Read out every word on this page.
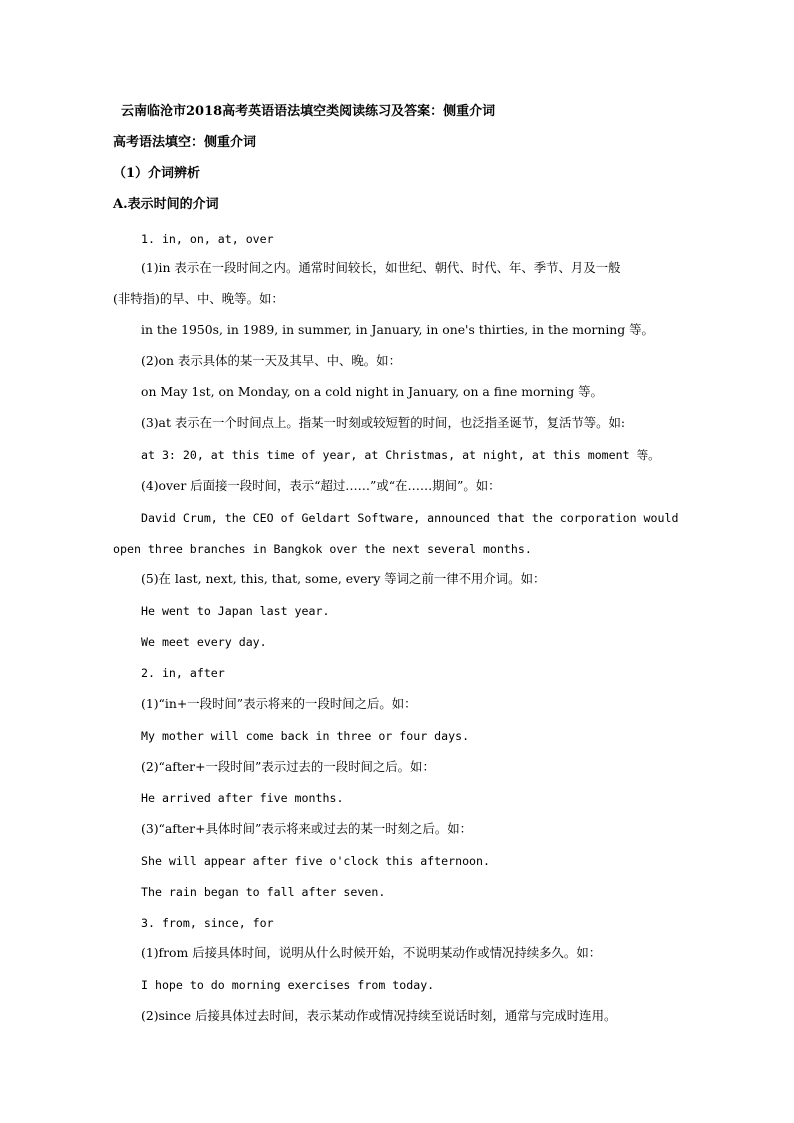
云南临沧市2018高考英语语法填空类阅读练习及答案：侧重介词
高考语法填空：侧重介词
（1）介词辨析
A.表示时间的介词
1. in, on, at, over
(1)in 表示在一段时间之内。通常时间较长，如世纪、朝代、时代、年、季节、月及一般
(非特指)的早、中、晚等。如：
in the 1950s, in 1989, in summer, in January, in one's thirties, in the morning 等。
(2)on 表示具体的某一天及其早、中、晚。如：
on May 1st, on Monday, on a cold night in January, on a fine morning 等。
(3)at 表示在一个时间点上。指某一时刻或较短暂的时间，也泛指圣诞节，复活节等。如:
at 3: 20, at this time of year, at Christmas, at night, at this moment 等。
(4)over 后面接一段时间，表示“超过……”或“在……期间”。如：
David Crum, the CEO of Geldart Software, announced that the corporation would
open three branches in Bangkok over the next several months.
(5)在 last, next, this, that, some, every 等词之前一律不用介词。如：
He went to Japan last year.
We meet every day.
2. in, after
(1)“in+一段时间”表示将来的一段时间之后。如：
My mother will come back in three or four days.
(2)“after+一段时间”表示过去的一段时间之后。如：
He arrived after five months.
(3)“after+具体时间”表示将来或过去的某一时刻之后。如：
She will appear after five o'clock this afternoon.
The rain began to fall after seven.
3. from, since, for
(1)from 后接具体时间，说明从什么时候开始，不说明某动作或情况持续多久。如：
I hope to do morning exercises from today.
(2)since 后接具体过去时间，表示某动作或情况持续至说话时刻，通常与完成时连用。
